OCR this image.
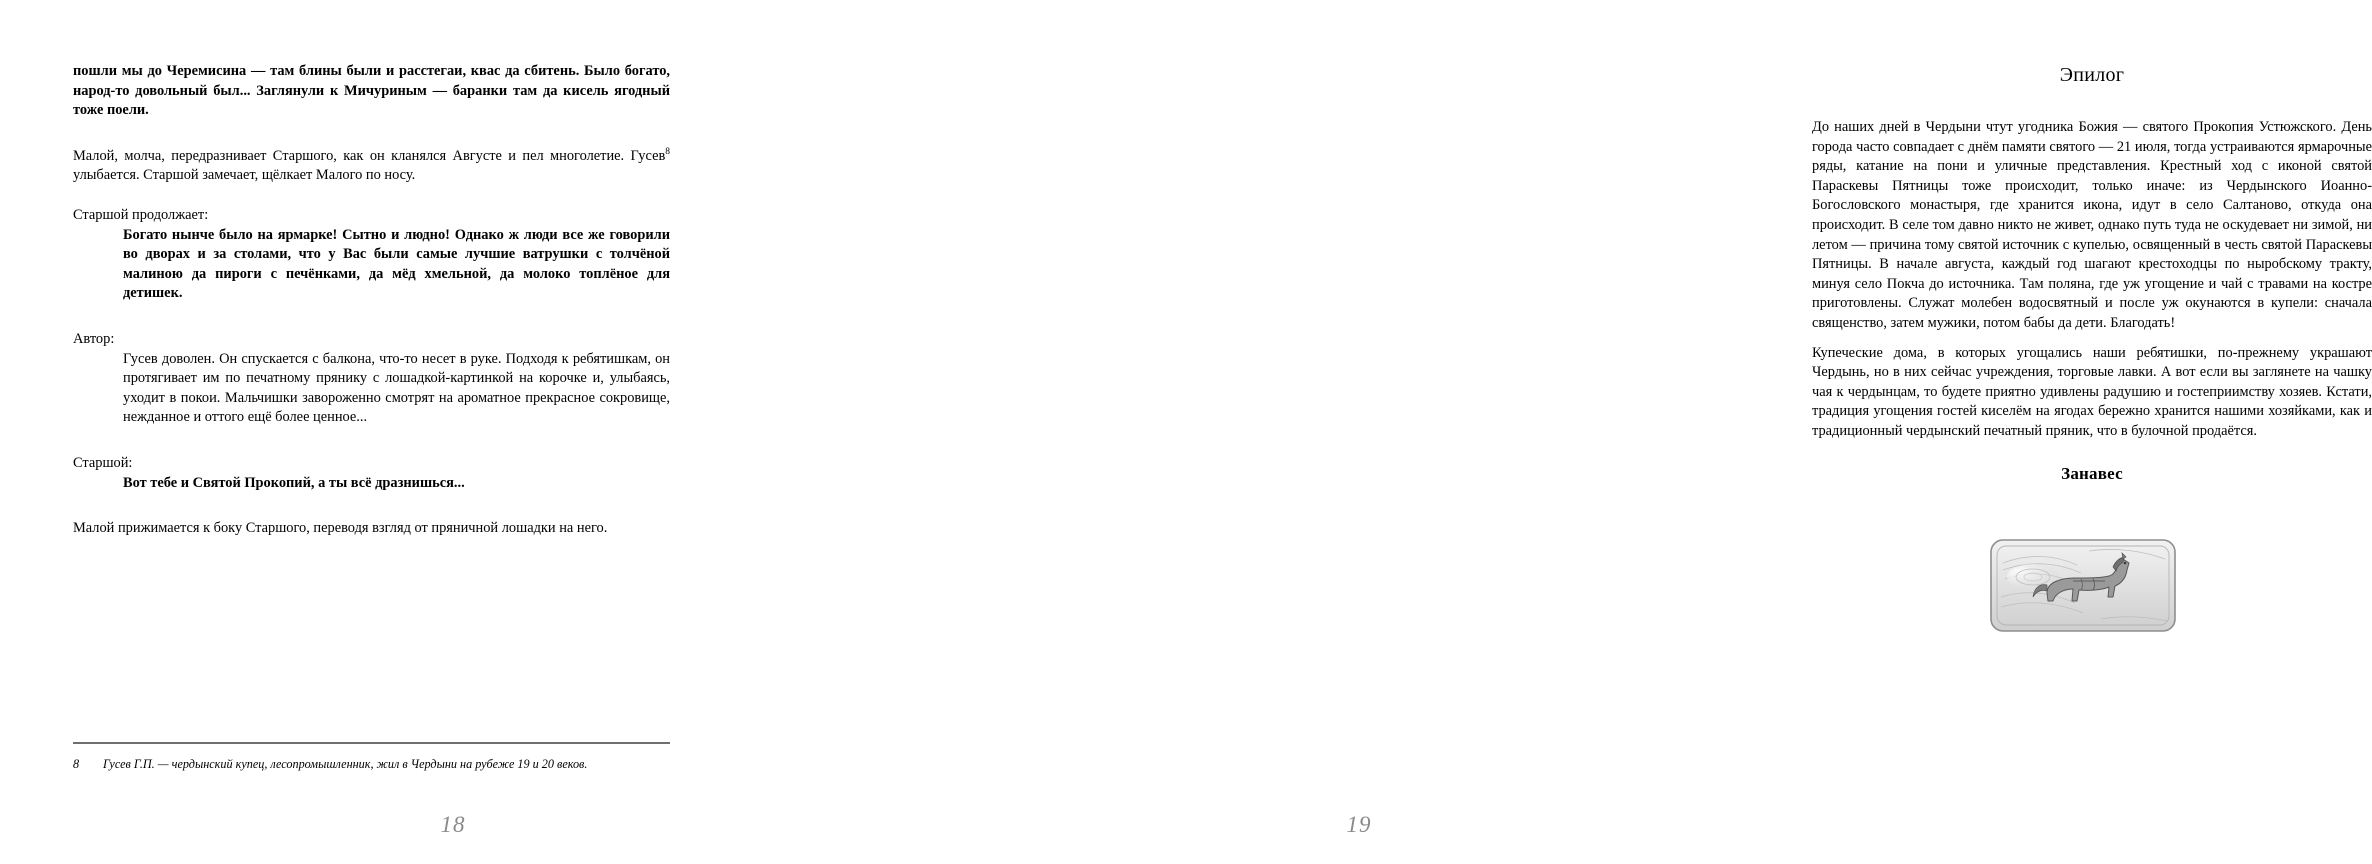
пошли мы до Черемисина — там блины были и расстегаи, квас да сбитень. Было богато, народ-то довольный был... Заглянули к Мичуриным — баранки там да кисель ягодный тоже поели.

Малой, молча, передразнивает Старшого, как он кланялся Августе и пел многолетие. Гусев$^8$ улыбается. Старшой замечает, щёлкает Малого по носу.

Старшой продолжает:

Богато нынче было на ярмарке! Сытно и людно! Однако ж люди все же говорили во дворах и за столами, что у Вас были самые лучшие ватрушки с толчёной малиною да пироги с печёнками, да мёд хмельной, да молоко топлёное для детишек.

Автор:

Гусев доволен. Он спускается с балкона, что-то несет в руке. Подходя к ребятишкам, он протягивает им по печатному прянику с лошадкой-картинкой на корочке и, улыбаясь, уходит в покои. Мальчишки завороженно смотрят на ароматное прекрасное сокровище, нежданное и оттого ещё более ценное...

Старшой:

Вот тебе и Святой Прокопий, а ты всё дразнишься...

Малой прижимается к боку Старшого, переводя взгляд от пряничной лошадки на него.

8	Гусев Г.П. — чердынский купец, лесопромышленник, жил в Чердыни на рубеже 19 и 20 веков.
18
Эпилог

До наших дней в Чердыни чтут угодника Божия — святого Прокопия Устюжского. День города часто совпадает с днём памяти святого — 21 июля, тогда устраиваются ярмарочные ряды, катание на пони и уличные представления. Крестный ход с иконой святой Параскевы Пятницы тоже происходит, только иначе: из Чердынского Иоанно-Богословского монастыря, где хранится икона, идут в село Салтаново, откуда она происходит. В селе том давно никто не живет, однако путь туда не оскудевает ни зимой, ни летом — причина тому святой источник с купелью, освященный в честь святой Параскевы Пятницы. В начале августа, каждый год шагают крестоходцы по ныробскому тракту, минуя село Покча до источника. Там поляна, где уж угощение и чай с травами на костре приготовлены. Служат молебен водосвятный и после уж окунаются в купели: сначала священство, затем мужики, потом бабы да дети. Благодать!

Купеческие дома, в которых угощались наши ребятишки, по-прежнему украшают Чердынь, но в них сейчас учреждения, торговые лавки. А вот если вы заглянете на чашку чая к чердынцам, то будете приятно удивлены радушию и гостеприимству хозяев. Кстати, традиция угощения гостей киселём на ягодах бережно хранится нашими хозяйками, как и традиционный чердынский печатный пряник, что в булочной продаётся.

Занавес

19
